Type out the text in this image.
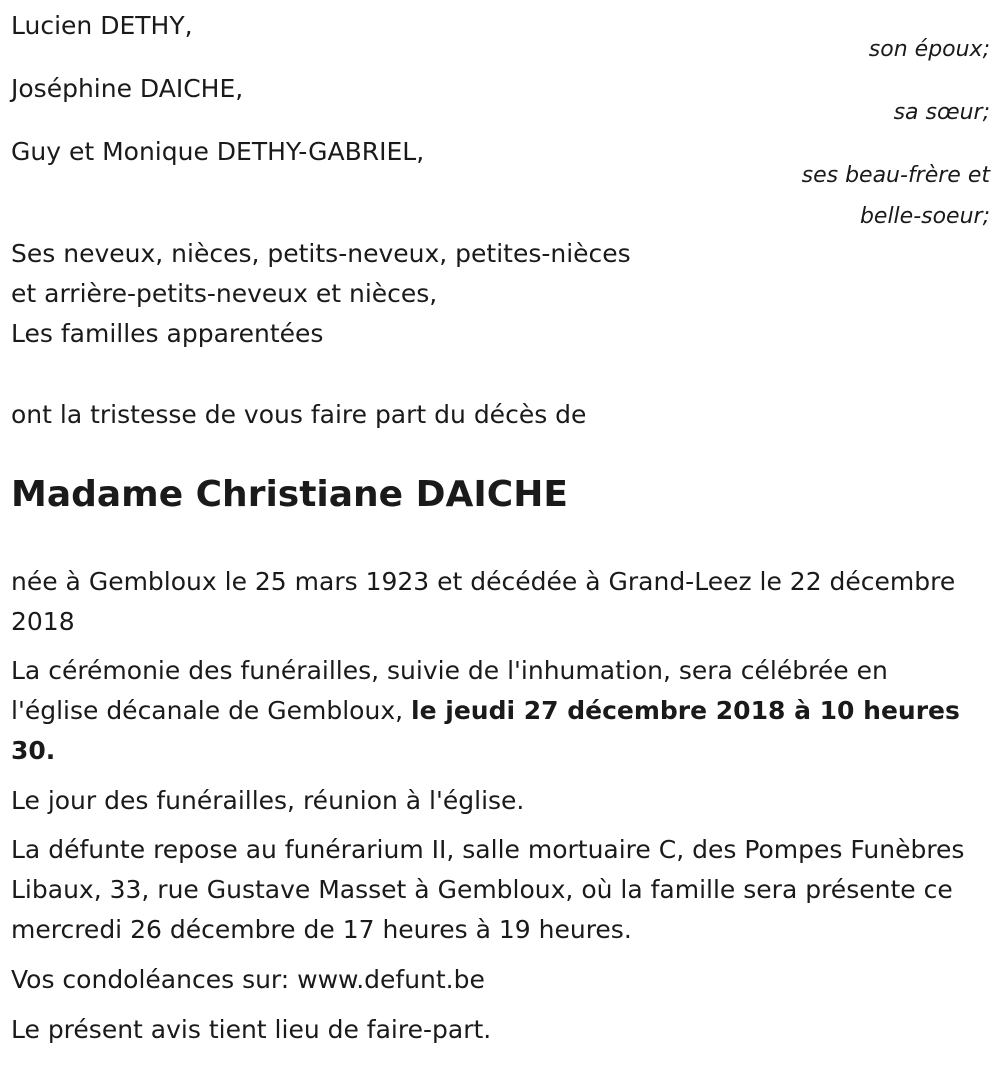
Lucien DETHY,
son époux;
Joséphine DAICHE,
sa sœur;
Guy et Monique DETHY-GABRIEL,
ses beau-frère et
belle-soeur;
Ses neveux, nièces, petits-neveux, petites-nièces
et arrière-petits-neveux et nièces,
Les familles apparentées
ont la tristesse de vous faire part du décès de
Madame Christiane DAICHE
née à Gembloux le 25 mars 1923 et décédée à Grand-Leez le 22 décembre 2018
La cérémonie des funérailles, suivie de l'inhumation, sera célébrée en l'église décanale de Gembloux, le jeudi 27 décembre 2018 à 10 heures 30.
Le jour des funérailles, réunion à l'église.
La défunte repose au funérarium II, salle mortuaire C, des Pompes Funèbres Libaux, 33, rue Gustave Masset à Gembloux, où la famille sera présente ce mercredi 26 décembre de 17 heures à 19 heures.
Vos condoléances sur: www.defunt.be
Le présent avis tient lieu de faire-part.
